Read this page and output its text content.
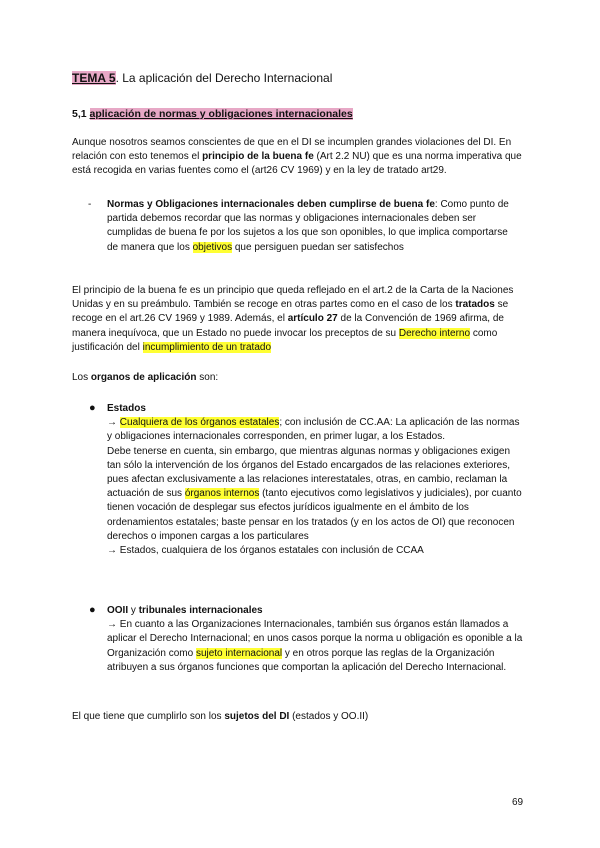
TEMA 5. La aplicación del Derecho Internacional
5,1 aplicación de normas y obligaciones internacionales
Aunque nosotros seamos conscientes de que en el DI se incumplen grandes violaciones del DI. En relación con esto tenemos el principio de la buena fe (Art 2.2 NU) que es una norma imperativa que está recogida en varias fuentes como el (art26 CV 1969) y en la ley de tratado art29.
- Normas y Obligaciones internacionales deben cumplirse de buena fe: Como punto de partida debemos recordar que las normas y obligaciones internacionales deben ser cumplidas de buena fe por los sujetos a los que son oponibles, lo que implica comportarse de manera que los objetivos que persiguen puedan ser satisfechos
El principio de la buena fe es un principio que queda reflejado en el art.2 de la Carta de la Naciones Unidas y en su preámbulo. También se recoge en otras partes como en el caso de los tratados se recoge en el art.26 CV 1969 y 1989. Además, el artículo 27 de la Convención de 1969 afirma, de manera inequívoca, que un Estado no puede invocar los preceptos de su Derecho interno como justificación del incumplimiento de un tratado
Los organos de aplicación son:
● Estados
→ Cualquiera de los órganos estatales; con inclusión de CC.AA: La aplicación de las normas y obligaciones internacionales corresponden, en primer lugar, a los Estados.
Debe tenerse en cuenta, sin embargo, que mientras algunas normas y obligaciones exigen tan sólo la intervención de los órganos del Estado encargados de las relaciones exteriores, pues afectan exclusivamente a las relaciones interestatales, otras, en cambio, reclaman la actuación de sus órganos internos (tanto ejecutivos como legislativos y judiciales), por cuanto tienen vocación de desplegar sus efectos jurídicos igualmente en el ámbito de los ordenamientos estatales; baste pensar en los tratados (y en los actos de OI) que reconocen derechos o imponen cargas a los particulares
→ Estados, cualquiera de los órganos estatales con inclusión de CCAA
● OOII y tribunales internacionales
→ En cuanto a las Organizaciones Internacionales, también sus órganos están llamados a aplicar el Derecho Internacional; en unos casos porque la norma u obligación es oponible a la Organización como sujeto internacional y en otros porque las reglas de la Organización atribuyen a sus órganos funciones que comportan la aplicación del Derecho Internacional.
El que tiene que cumplirlo son los sujetos del DI (estados y OO.II)
69
